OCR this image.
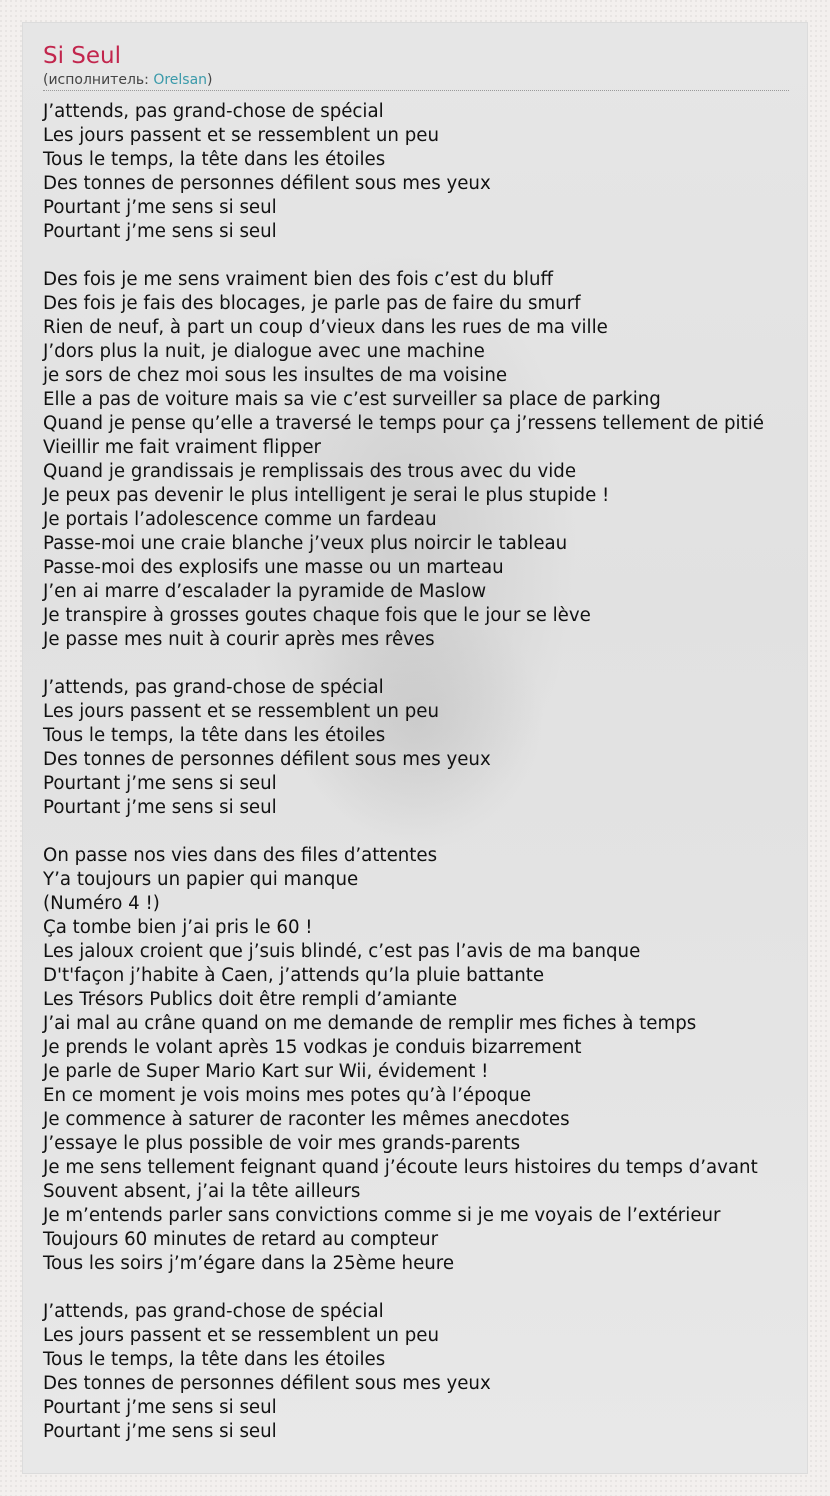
Si Seul
(исполнитель: Orelsan)
J’attends, pas grand-chose de spécial
Les jours passent et se ressemblent un peu
Tous le temps, la tête dans les étoiles
Des tonnes de personnes défilent sous mes yeux
Pourtant j’me sens si seul
Pourtant j’me sens si seul
Des fois je me sens vraiment bien des fois c’est du bluff
Des fois je fais des blocages, je parle pas de faire du smurf
Rien de neuf, à part un coup d’vieux dans les rues de ma ville
J’dors plus la nuit, je dialogue avec une machine
je sors de chez moi sous les insultes de ma voisine
Elle a pas de voiture mais sa vie c’est surveiller sa place de parking
Quand je pense qu’elle a traversé le temps pour ça j’ressens tellement de pitié
Vieillir me fait vraiment flipper
Quand je grandissais je remplissais des trous avec du vide
Je peux pas devenir le plus intelligent je serai le plus stupide !
Je portais l’adolescence comme un fardeau
Passe-moi une craie blanche j’veux plus noircir le tableau
Passe-moi des explosifs une masse ou un marteau
J’en ai marre d’escalader la pyramide de Maslow
Je transpire à grosses goutes chaque fois que le jour se lève
Je passe mes nuit à courir après mes rêves
J’attends, pas grand-chose de spécial
Les jours passent et se ressemblent un peu
Tous le temps, la tête dans les étoiles
Des tonnes de personnes défilent sous mes yeux
Pourtant j’me sens si seul
Pourtant j’me sens si seul
On passe nos vies dans des files d’attentes
Y’a toujours un papier qui manque
(Numéro 4 !)
Ça tombe bien j’ai pris le 60 !
Les jaloux croient que j’suis blindé, c’est pas l’avis de ma banque
D't'façon j’habite à Caen, j’attends qu’la pluie battante
Les Trésors Publics doit être rempli d’amiante
J’ai mal au crâne quand on me demande de remplir mes fiches à temps
Je prends le volant après 15 vodkas je conduis bizarrement
Je parle de Super Mario Kart sur Wii, évidement !
En ce moment je vois moins mes potes qu’à l’époque
Je commence à saturer de raconter les mêmes anecdotes
J’essaye le plus possible de voir mes grands-parents
Je me sens tellement feignant quand j’écoute leurs histoires du temps d’avant
Souvent absent, j’ai la tête ailleurs
Je m’entends parler sans convictions comme si je me voyais de l’extérieur
Toujours 60 minutes de retard au compteur
Tous les soirs j’m’égare dans la 25ème heure
J’attends, pas grand-chose de spécial
Les jours passent et se ressemblent un peu
Tous le temps, la tête dans les étoiles
Des tonnes de personnes défilent sous mes yeux
Pourtant j’me sens si seul
Pourtant j’me sens si seul
